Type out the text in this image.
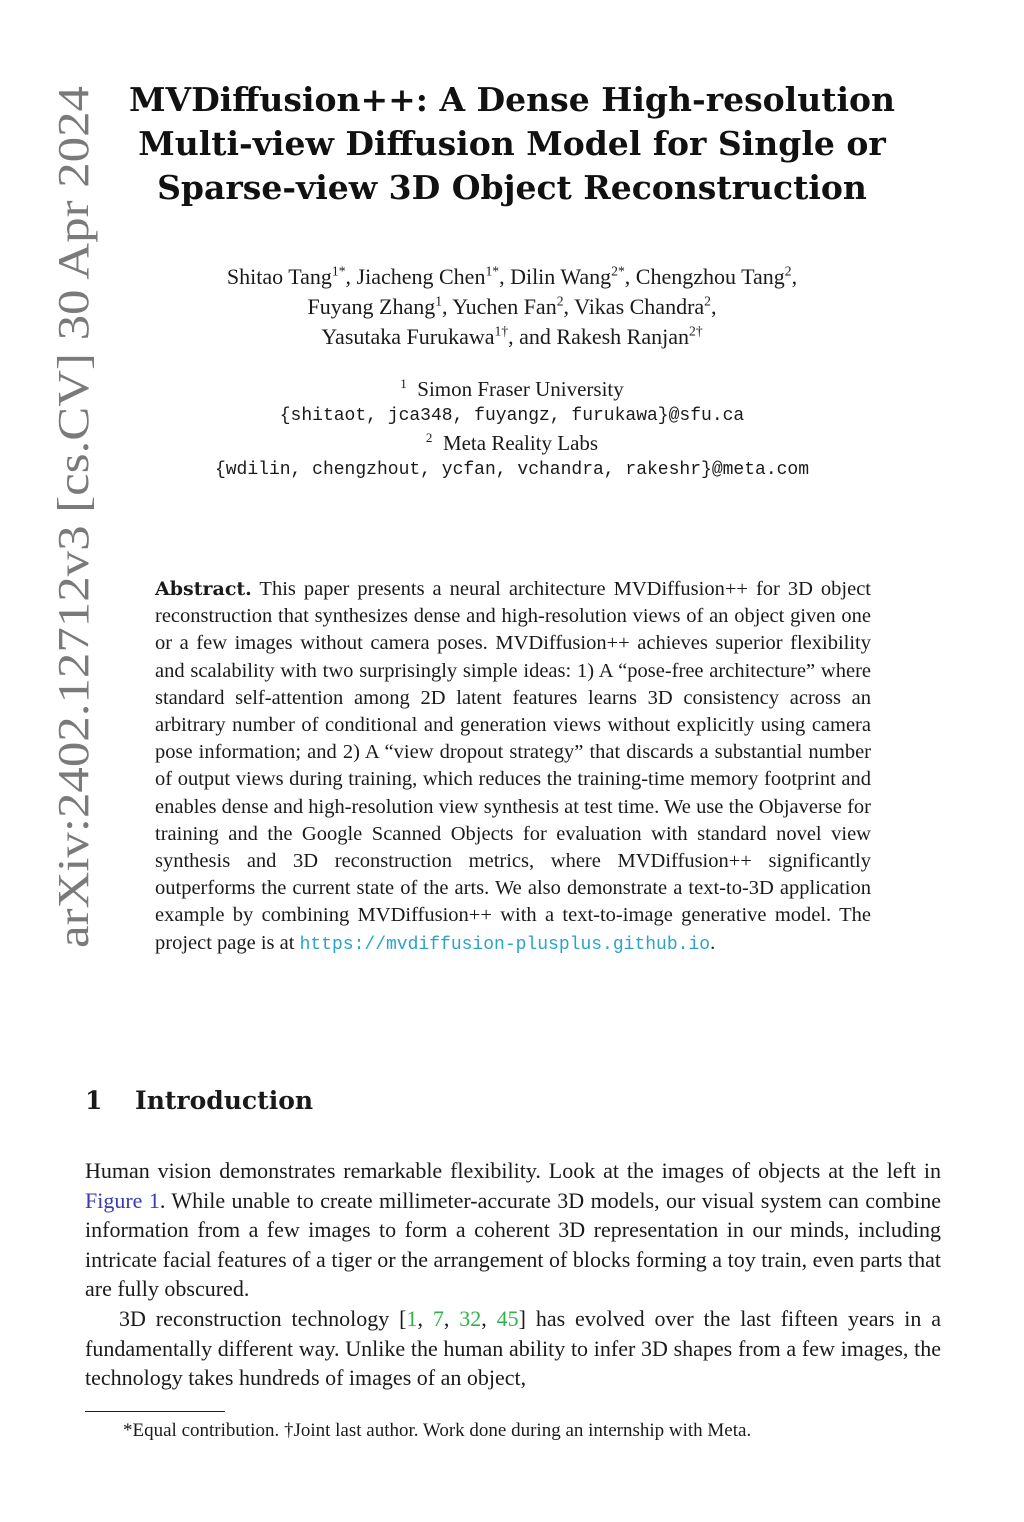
arXiv:2402.12712v3 [cs.CV] 30 Apr 2024
MVDiffusion++: A Dense High-resolution
Multi-view Diffusion Model for Single or
Sparse-view 3D Object Reconstruction
Shitao Tang$^{1*}$, Jiacheng Chen$^{1*}$, Dilin Wang$^{2*}$, Chengzhou Tang$^2$,
Fuyang Zhang$^1$, Yuchen Fan$^2$, Vikas Chandra$^2$,
Yasutaka Furukawa$^{1\dagger}$, and Rakesh Ranjan$^{2\dagger}$
$^1$ Simon Fraser University
{shitaot, jca348, fuyangz, furukawa}@sfu.ca
$^2$ Meta Reality Labs
{wdilin, chengzhout, ycfan, vchandra, rakeshr}@meta.com
Abstract. This paper presents a neural architecture MVDiffusion++ for 3D object reconstruction that synthesizes dense and high-resolution views of an object given one or a few images without camera poses. MVDiffusion++ achieves superior flexibility and scalability with two surprisingly simple ideas: 1) A “pose-free architecture” where standard self-attention among 2D latent features learns 3D consistency across an arbitrary number of conditional and generation views without explicitly using camera pose information; and 2) A “view dropout strategy” that discards a substantial number of output views during training, which reduces the training-time memory footprint and enables dense and high-resolution view synthesis at test time. We use the Objaverse for training and the Google Scanned Objects for evaluation with standard novel view synthesis and 3D reconstruction metrics, where MVDiffusion++ significantly outperforms the current state of the arts. We also demonstrate a text-to-3D application example by combining MVDiffusion++ with a text-to-image generative model. The project page is at https://mvdiffusion-plusplus.github.io.
1 Introduction

Human vision demonstrates remarkable flexibility. Look at the images of objects at the left in Figure 1. While unable to create millimeter-accurate 3D models, our visual system can combine information from a few images to form a coherent 3D representation in our minds, including intricate facial features of a tiger or the arrangement of blocks forming a toy train, even parts that are fully obscured.

3D reconstruction technology [1, 7, 32, 45] has evolved over the last fifteen years in a fundamentally different way. Unlike the human ability to infer 3D shapes from a few images, the technology takes hundreds of images of an object,

*Equal contribution. †Joint last author. Work done during an internship with Meta.
